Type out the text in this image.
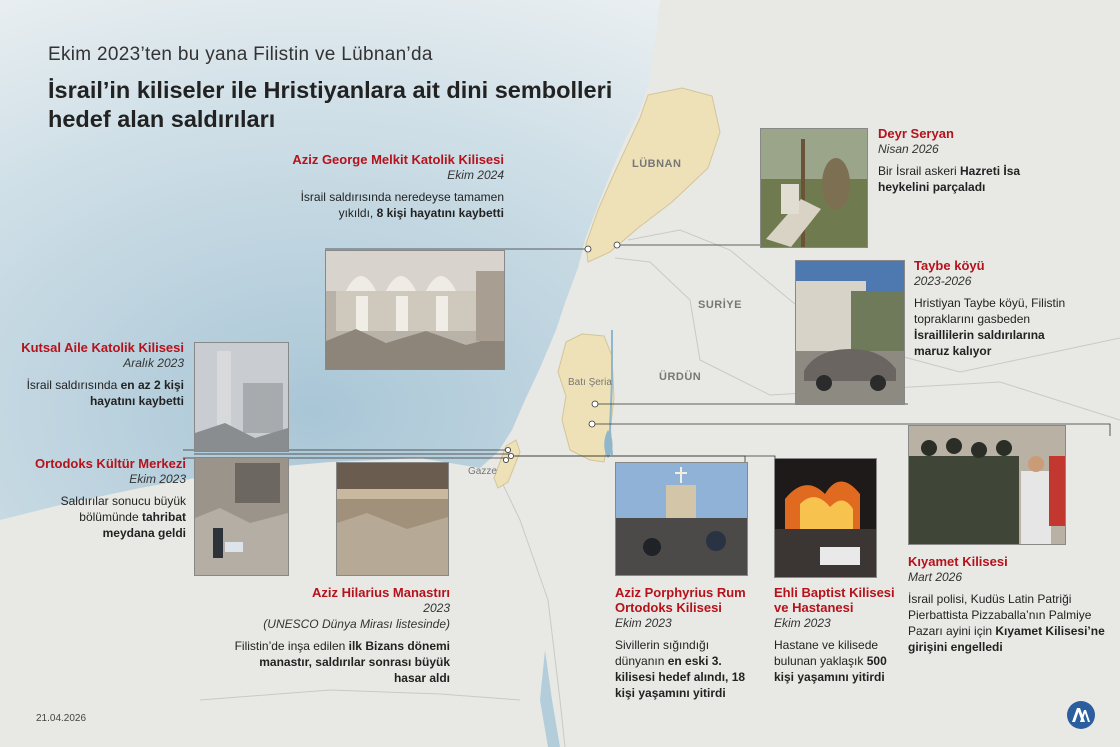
LÜBNAN
SURİYE
ÜRDÜN
Batı Şeria
Gazze
Ekim 2023’ten bu yana Filistin ve Lübnan’da
İsrail’in kiliseler ile Hristiyanlara ait dini sembolleri hedef alan saldırıları
Aziz George Melkit Katolik Kilisesi
Ekim 2024
İsrail saldırısında neredeyse tamamen yıkıldı, 8 kişi hayatını kaybetti
Deyr Seryan
Nisan 2026
Bir İsrail askeri Hazreti İsa heykelini parçaladı
Taybe köyü
2023-2026
Hristiyan Taybe köyü, Filistin topraklarını gasbeden İsraillilerin saldırılarına maruz kalıyor
Kutsal Aile Katolik Kilisesi
Aralık 2023
İsrail saldırısında en az 2 kişi hayatını kaybetti
Ortodoks Kültür Merkezi
Ekim 2023
Saldırılar sonucu büyük bölümünde tahribat meydana geldi
Aziz Hilarius Manastırı
2023
(UNESCO Dünya Mirası listesinde)
Filistin’de inşa edilen ilk Bizans dönemi manastır, saldırılar sonrası büyük hasar aldı
Aziz Porphyrius Rum Ortodoks Kilisesi
Ekim 2023
Sivillerin sığındığı dünyanın en eski 3. kilisesi hedef alındı, 18 kişi yaşamını yitirdi
Ehli Baptist Kilisesi ve Hastanesi
Ekim 2023
Hastane ve kilisede bulunan yaklaşık 500 kişi yaşamını yitirdi
Kıyamet Kilisesi
Mart 2026
İsrail polisi, Kudüs Latin Patriği Pierbattista Pizzaballa’nın Palmiye Pazarı ayini için Kıyamet Kilisesi’ne girişini engelledi
21.04.2026
